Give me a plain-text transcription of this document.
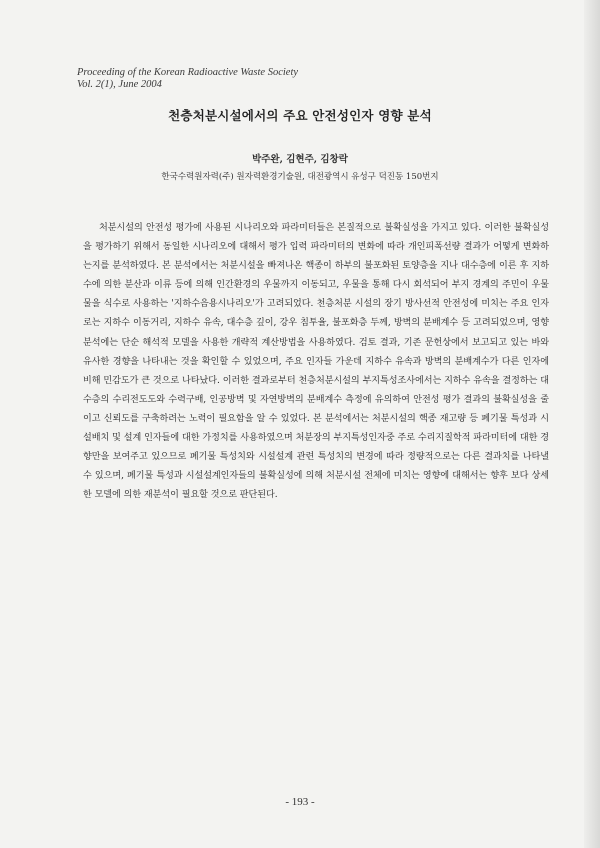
Proceeding of the Korean Radioactive Waste Society
Vol. 2(1), June 2004
천층처분시설에서의 주요 안전성인자 영향 분석
박주완, 김현주, 김창락
한국수력원자력(주) 원자력환경기술원, 대전광역시 유성구 덕진동 150번지

처분시설의 안전성 평가에 사용된 시나리오와 파라미터들은 본질적으로 불확실성을 가지고 있다. 이러한 불확실성을 평가하기 위해서 동일한 시나리오에 대해서 평가 입력 파라미터의 변화에 따라 개인피폭선량 결과가 어떻게 변화하는지를 분석하였다. 본 분석에서는 처분시설을 빠져나온 핵종이 하부의 불포화된 토양층을 지나 대수층에 이른 후 지하수에 의한 분산과 이류 등에 의해 인간환경의 우물까지 이동되고, 우물을 통해 다시 회석되어 부지 경계의 주민이 우물물을 식수로 사용하는 '지하수음용시나리오'가 고려되었다. 천층처분 시설의 장기 방사선적 안전성에 미치는 주요 인자로는 지하수 이동거리, 지하수 유속, 대수층 깊이, 강우 침투율, 불포화층 두께, 방벽의 분배계수 등 고려되었으며, 영향 분석에는 단순 해석적 모델을 사용한 개략적 계산방법을 사용하였다. 검토 결과, 기존 문헌상에서 보고되고 있는 바와 유사한 경향을 나타내는 것을 확인할 수 있었으며, 주요 인자들 가운데 지하수 유속과 방벽의 분배계수가 다른 인자에 비해 민감도가 큰 것으로 나타났다. 이러한 결과로부터 천층처분시설의 부지특성조사에서는 지하수 유속을 결정하는 대수층의 수리전도도와 수력구배, 인공방벽 및 자연방벽의 분배계수 측정에 유의하여 안전성 평가 결과의 불확실성을 줄이고 신뢰도를 구축하려는 노력이 필요함을 알 수 있었다. 본 분석에서는 처분시설의 핵종 재고량 등 폐기물 특성과 시설배치 및 설계 인자들에 대한 가정치를 사용하였으며 처분장의 부지특성인자중 주로 수리지질학적 파라미터에 대한 경향만을 보여주고 있으므로 폐기물 특성치와 시설설계 관련 특성치의 변경에 따라 정량적으로는 다른 결과치를 나타낼 수 있으며, 폐기물 특성과 시설설계인자들의 불확실성에 의해 처분시설 전체에 미치는 영향에 대해서는 향후 보다 상세한 모델에 의한 재분석이 필요할 것으로 판단된다.

- 193 -
